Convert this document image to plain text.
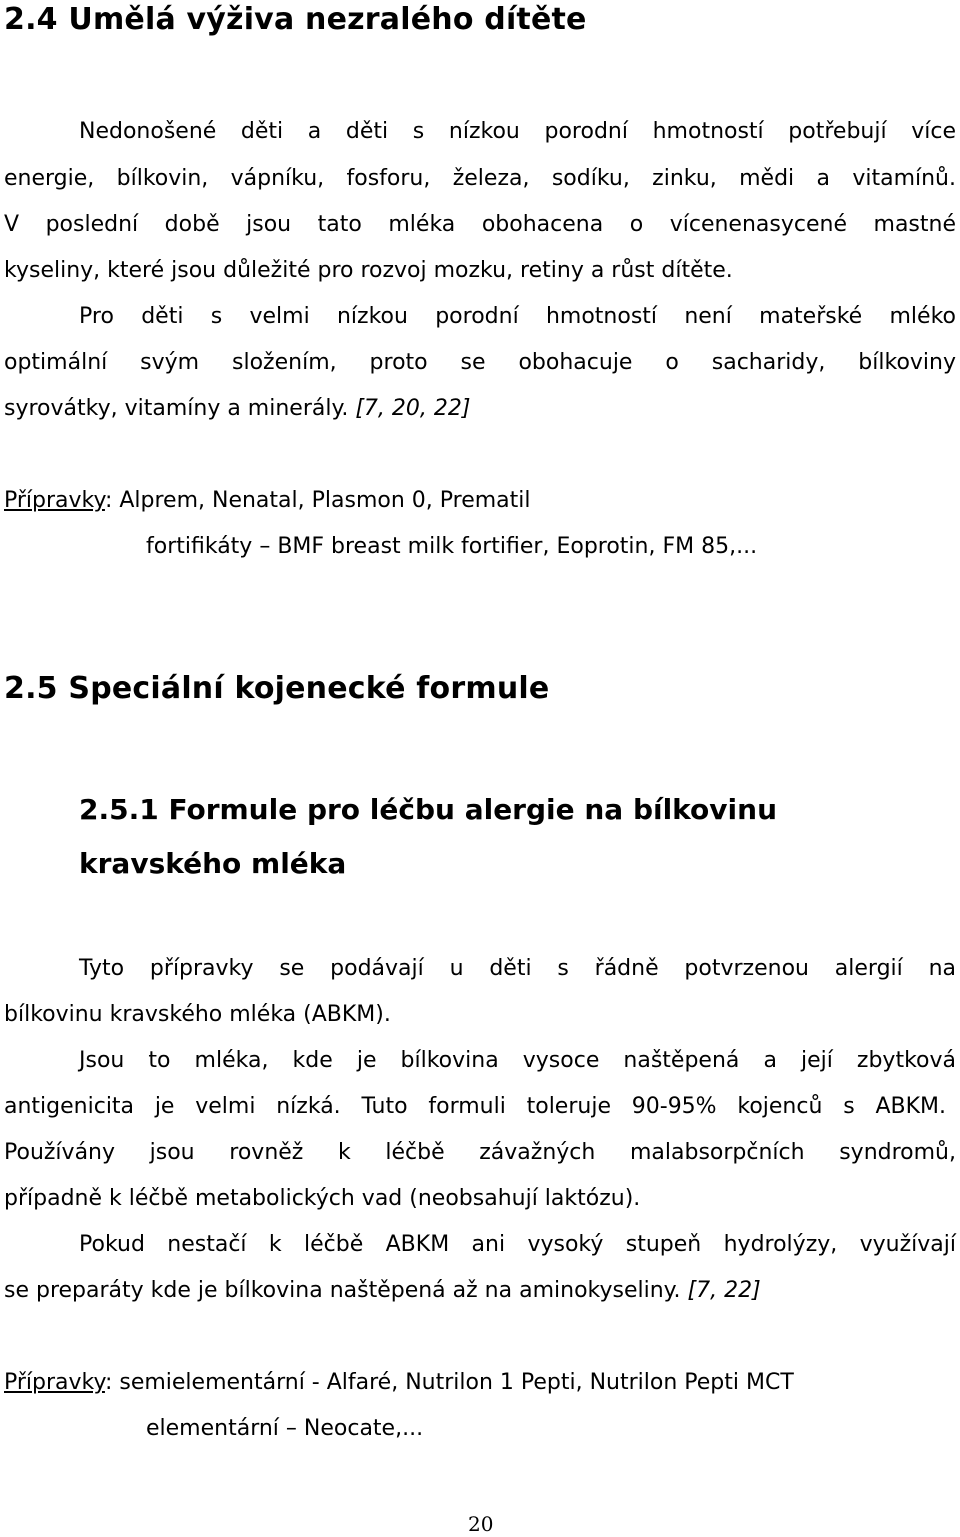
2.4 Umělá výživa nezralého dítěte
Nedonošené děti a děti s nízkou porodní hmotností potřebují více
energie, bílkovin, vápníku, fosforu, železa, sodíku, zinku, mědi a vitamínů.
V poslední době jsou tato mléka obohacena o vícenenasycené mastné
kyseliny, které jsou důležité pro rozvoj mozku, retiny a růst dítěte.
Pro děti s velmi nízkou porodní hmotností není mateřské mléko
optimální svým složením, proto se obohacuje o sacharidy, bílkoviny
syrovátky, vitamíny a minerály. [7, 20, 22]
Přípravky: Alprem, Nenatal, Plasmon 0, Prematil
fortifikáty – BMF breast milk fortifier, Eoprotin, FM 85,...
2.5 Speciální kojenecké formule
2.5.1 Formule pro léčbu alergie na bílkovinu
kravského mléka
Tyto přípravky se podávají u děti s řádně potvrzenou alergií na
bílkovinu kravského mléka (ABKM).
Jsou to mléka, kde je bílkovina vysoce naštěpená a její zbytková
antigenicita je velmi nízká. Tuto formuli toleruje 90-95% kojenců s ABKM.
Používány jsou rovněž k léčbě závažných malabsorpčních syndromů,
případně k léčbě metabolických vad (neobsahují laktózu).
Pokud nestačí k léčbě ABKM ani vysoký stupeň hydrolýzy, využívají
se preparáty kde je bílkovina naštěpená až na aminokyseliny. [7, 22]
Přípravky: semielementární - Alfaré, Nutrilon 1 Pepti, Nutrilon Pepti MCT
elementární – Neocate,...
20
